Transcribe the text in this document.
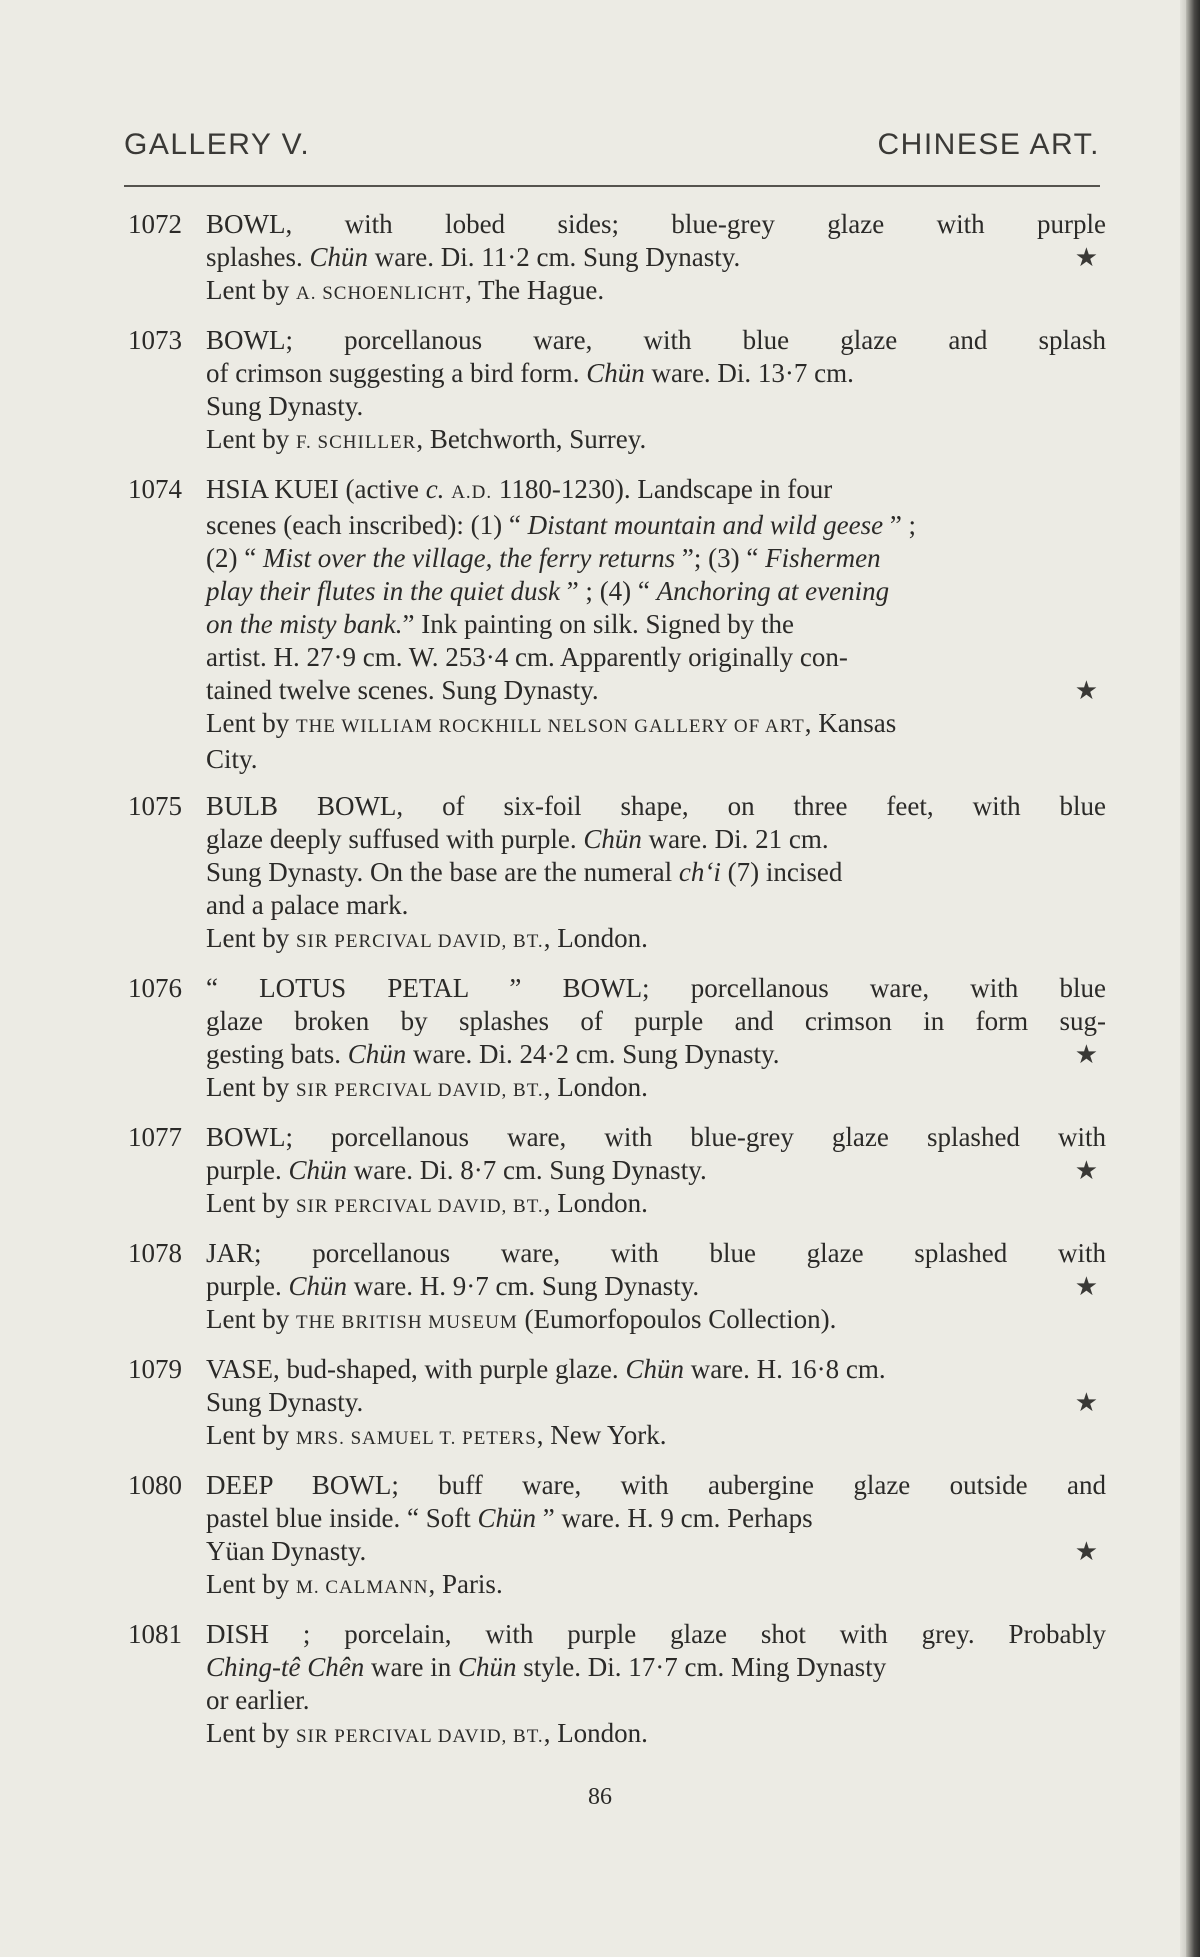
GALLERY V.	CHINESE ART.
1072 BOWL, with lobed sides; blue-grey glaze with purple
splashes. Chün ware. Di. 11·2 cm. Sung Dynasty.	★
Lent by A. SCHOENLICHT, The Hague.
1073 BOWL; porcellanous ware, with blue glaze and splash
of crimson suggesting a bird form. Chün ware. Di. 13·7 cm.
Sung Dynasty.
Lent by F. SCHILLER, Betchworth, Surrey.
1074 HSIA KUEI (active c. A.D. 1180-1230). Landscape in four
scenes (each inscribed): (1) “ Distant mountain and wild geese ” ;
(2) “ Mist over the village, the ferry returns ”; (3) “ Fishermen
play their flutes in the quiet dusk ” ; (4) “ Anchoring at evening
on the misty bank.” Ink painting on silk. Signed by the
artist. H. 27·9 cm. W. 253·4 cm. Apparently originally con-
tained twelve scenes. Sung Dynasty.	★
Lent by THE WILLIAM ROCKHILL NELSON GALLERY OF ART, Kansas
City.
1075 BULB BOWL, of six-foil shape, on three feet, with blue
glaze deeply suffused with purple. Chün ware. Di. 21 cm.
Sung Dynasty. On the base are the numeral ch‘i (7) incised
and a palace mark.
Lent by SIR PERCIVAL DAVID, BT., London.
1076 “ LOTUS PETAL ” BOWL; porcellanous ware, with blue
glaze broken by splashes of purple and crimson in form sug-
gesting bats. Chün ware. Di. 24·2 cm. Sung Dynasty.	★
Lent by SIR PERCIVAL DAVID, BT., London.
1077 BOWL; porcellanous ware, with blue-grey glaze splashed with
purple. Chün ware. Di. 8·7 cm. Sung Dynasty.	★
Lent by SIR PERCIVAL DAVID, BT., London.
1078 JAR; porcellanous ware, with blue glaze splashed with
purple. Chün ware. H. 9·7 cm. Sung Dynasty.	★
Lent by THE BRITISH MUSEUM (Eumorfopoulos Collection).
1079 VASE, bud-shaped, with purple glaze. Chün ware. H. 16·8 cm.
Sung Dynasty.	★
Lent by MRS. SAMUEL T. PETERS, New York.
1080 DEEP BOWL; buff ware, with aubergine glaze outside and
pastel blue inside. “ Soft Chün ” ware. H. 9 cm. Perhaps
Yüan Dynasty.	★
Lent by M. CALMANN, Paris.
1081 DISH ; porcelain, with purple glaze shot with grey. Probably
Ching-tê Chên ware in Chün style. Di. 17·7 cm. Ming Dynasty
or earlier.
Lent by SIR PERCIVAL DAVID, BT., London.
86
